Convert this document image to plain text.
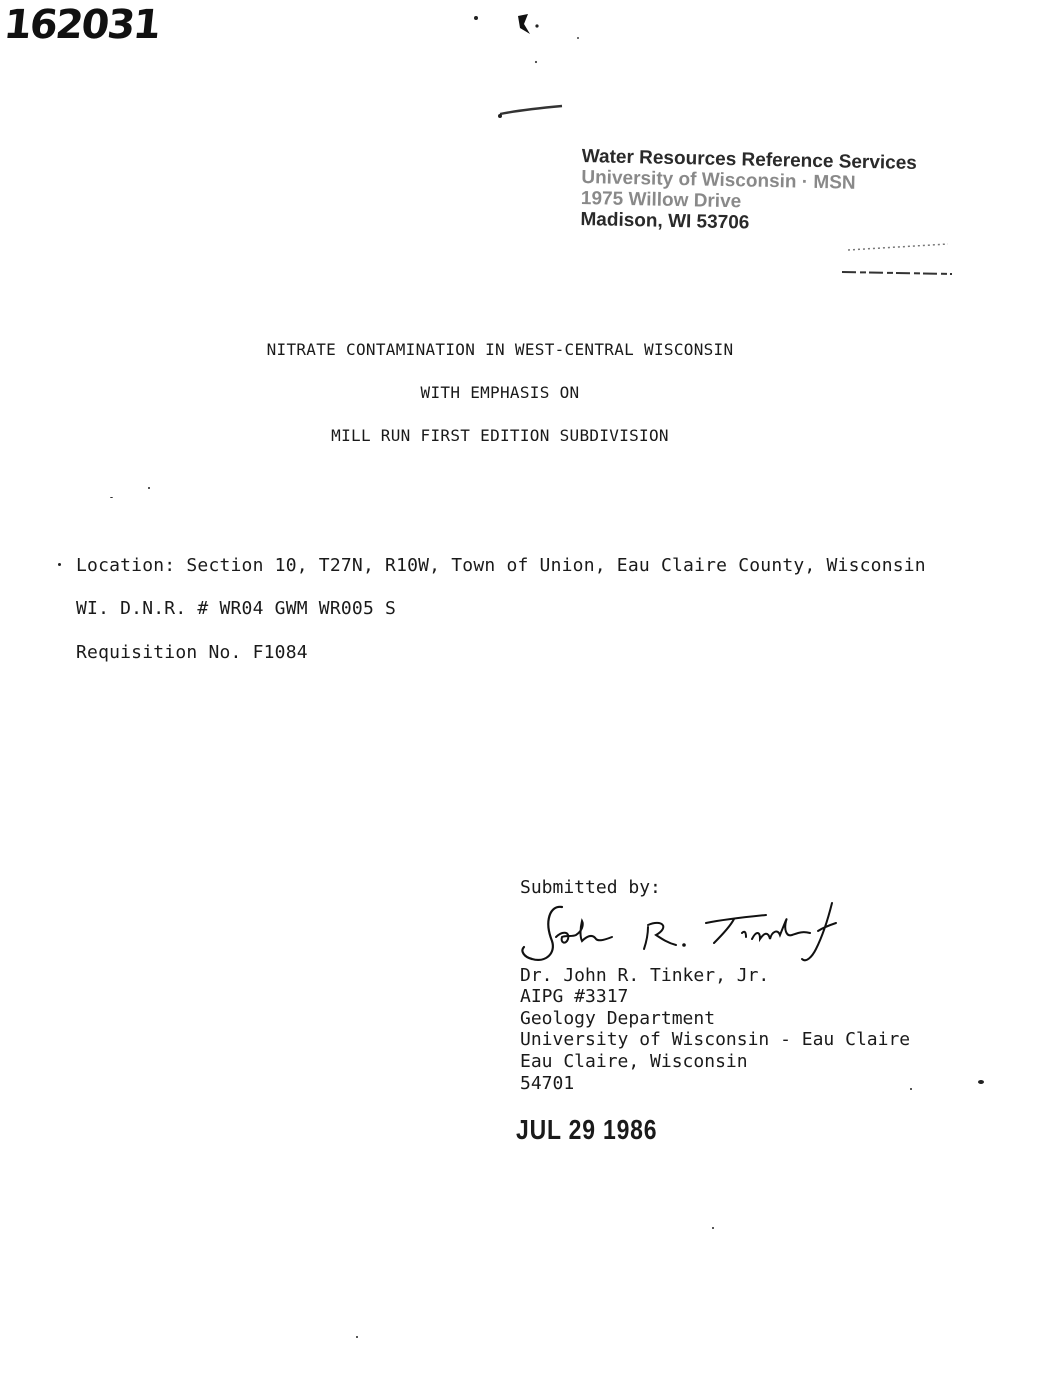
162031
Water Resources Reference Services
University of Wisconsin · MSN
1975 Willow Drive
Madison, WI 53706
NITRATE CONTAMINATION IN WEST-CENTRAL WISCONSIN
WITH EMPHASIS ON
MILL RUN FIRST EDITION SUBDIVISION
Location: Section 10, T27N, R10W, Town of Union, Eau Claire County, Wisconsin
WI. D.N.R. # WR04 GWM WR005 S
Requisition No. F1084
Submitted by:
Dr. John R. Tinker, Jr.
AIPG #3317
Geology Department
University of Wisconsin - Eau Claire
Eau Claire, Wisconsin
54701
JUL 29 1986
